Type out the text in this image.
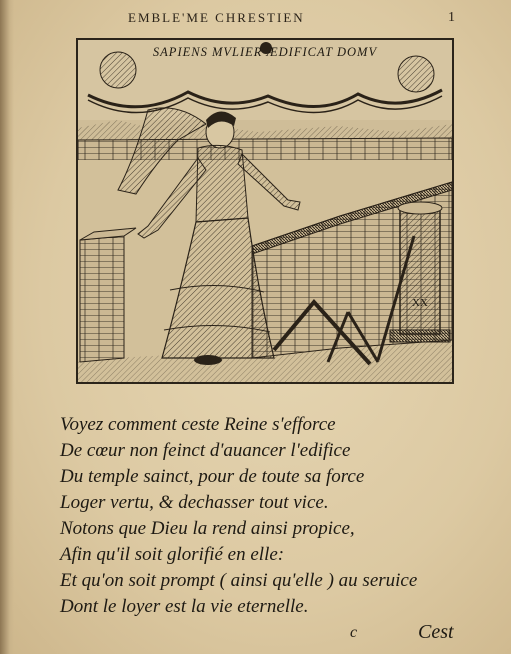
EMBLE'ME CHRESTIEN	1
XX
SAPIENS MVLIER ÆDIFICAT DOMV
Voyez comment ceste Reine s'efforce
De cœur non feinct d'auancer l'edifice
Du temple sainct, pour de toute sa force
Loger vertu, & dechasser tout vice.
Notons que Dieu la rend ainsi propice,
Afin qu'il soit glorifié en elle:
Et qu'on soit prompt ( ainsi qu'elle ) au seruice
Dont le loyer est la vie eternelle.
c	Cest
